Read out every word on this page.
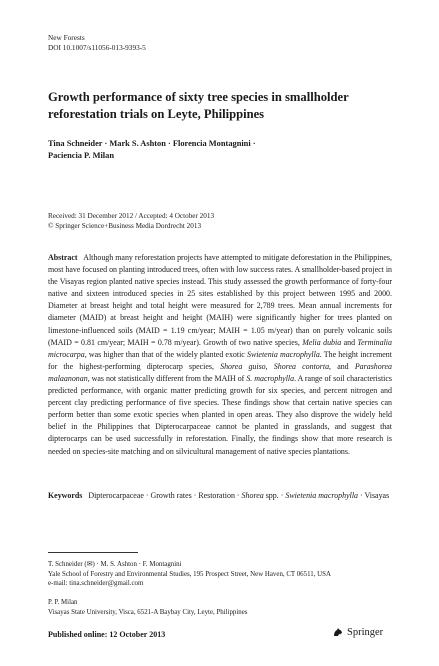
New Forests
DOI 10.1007/s11056-013-9393-5
Growth performance of sixty tree species in smallholder reforestation trials on Leyte, Philippines
Tina Schneider · Mark S. Ashton · Florencia Montagnini ·
Paciencia P. Milan
Received: 31 December 2012 / Accepted: 4 October 2013
© Springer Science+Business Media Dordrecht 2013
Abstract Although many reforestation projects have attempted to mitigate deforestation in the Philippines, most have focused on planting introduced trees, often with low success rates. A smallholder-based project in the Visayas region planted native species instead. This study assessed the growth performance of forty-four native and sixteen introduced species in 25 sites established by this project between 1995 and 2000. Diameter at breast height and total height were measured for 2,789 trees. Mean annual increments for diameter (MAID) at breast height and height (MAIH) were significantly higher for trees planted on limestone-influenced soils (MAID = 1.19 cm/year; MAIH = 1.05 m/year) than on purely volcanic soils (MAID = 0.81 cm/year; MAIH = 0.78 m/year). Growth of two native species, Melia dubia and Terminalia microcarpa, was higher than that of the widely planted exotic Swietenia macrophylla. The height increment for the highest-performing dipterocarp species, Shorea guiso, Shorea contorta, and Parashorea malaanonan, was not statistically different from the MAIH of S. macrophylla. A range of soil characteristics predicted performance, with organic matter predicting growth for six species, and percent nitrogen and percent clay predicting performance of five species. These findings show that certain native species can perform better than some exotic species when planted in open areas. They also disprove the widely held belief in the Philippines that Dipterocarpaceae cannot be planted in grasslands, and suggest that dipterocarps can be used successfully in reforestation. Finally, the findings show that more research is needed on species-site matching and on silvicultural management of native species plantations.
Keywords Dipterocarpaceae · Growth rates · Restoration · Shorea spp. · Swietenia macrophylla · Visayas
T. Schneider (✉) · M. S. Ashton · F. Montagnini
Yale School of Forestry and Environmental Studies, 195 Prospect Street, New Haven, CT 06511, USA
e-mail: tina.schneider@gmail.com
P. P. Milan
Visayas State University, Visca, 6521-A Baybay City, Leyte, Philippines
Published online: 12 October 2013	Springer
